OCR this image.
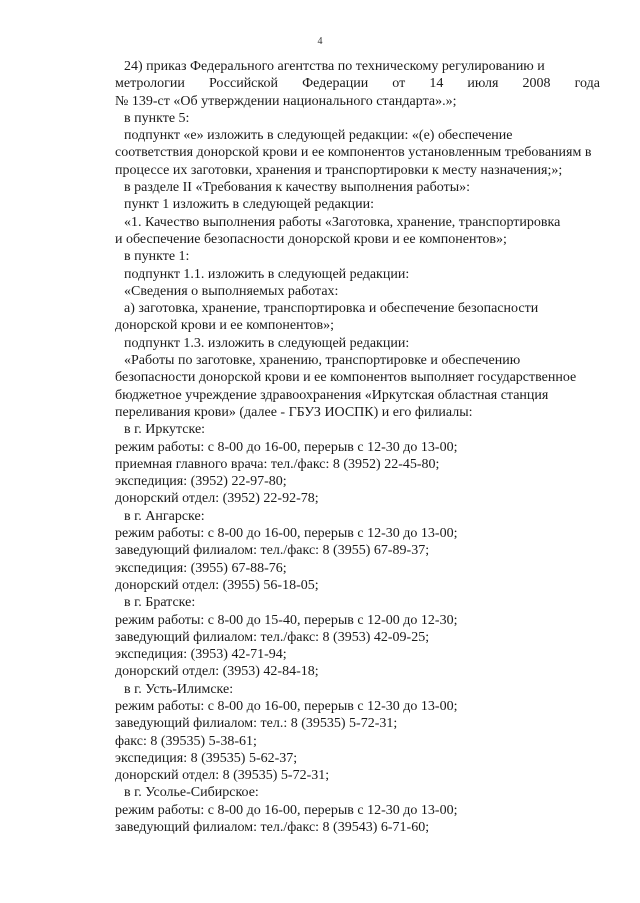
4

24) приказ Федерального агентства по техническому регулированию и

метрологии Российской Федерации от 14 июля 2008 года

№ 139-ст «Об утверждении национального стандарта».»;

в пункте 5:

подпункт «е» изложить в следующей редакции: «(е) обеспечение

соответствия донорской крови и ее компонентов установленным требованиям в

процессе их заготовки, хранения и транспортировки к месту назначения;»;

в разделе II «Требования к качеству выполнения работы»:

пункт 1 изложить в следующей редакции:

«1. Качество выполнения работы «Заготовка, хранение, транспортировка

и обеспечение безопасности донорской крови и ее компонентов»;

в пункте 1:

подпункт 1.1. изложить в следующей редакции:

«Сведения о выполняемых работах:

а) заготовка, хранение, транспортировка и обеспечение безопасности

донорской крови и ее компонентов»;

подпункт 1.3. изложить в следующей редакции:

«Работы по заготовке, хранению, транспортировке и обеспечению

безопасности донорской крови и ее компонентов выполняет государственное

бюджетное учреждение здравоохранения «Иркутская областная станция

переливания крови» (далее - ГБУЗ ИОСПК) и его филиалы:

в г. Иркутске:

режим работы: с 8-00 до 16-00, перерыв с 12-30 до 13-00;

приемная главного врача: тел./факс: 8 (3952) 22-45-80;

экспедиция: (3952) 22-97-80;

донорский отдел: (3952) 22-92-78;

в г. Ангарске:

режим работы: с 8-00 до 16-00, перерыв с 12-30 до 13-00;

заведующий филиалом: тел./факс: 8 (3955) 67-89-37;

экспедиция: (3955) 67-88-76;

донорский отдел: (3955) 56-18-05;

в г. Братске:

режим работы: с 8-00 до 15-40, перерыв с 12-00 до 12-30;

заведующий филиалом: тел./факс: 8 (3953) 42-09-25;

экспедиция: (3953) 42-71-94;

донорский отдел: (3953) 42-84-18;

в г. Усть-Илимске:

режим работы: с 8-00 до 16-00, перерыв с 12-30 до 13-00;

заведующий филиалом: тел.: 8 (39535) 5-72-31;

факс: 8 (39535) 5-38-61;

экспедиция: 8 (39535) 5-62-37;

донорский отдел: 8 (39535) 5-72-31;

в г. Усолье-Сибирское:

режим работы: с 8-00 до 16-00, перерыв с 12-30 до 13-00;

заведующий филиалом: тел./факс: 8 (39543) 6-71-60;
